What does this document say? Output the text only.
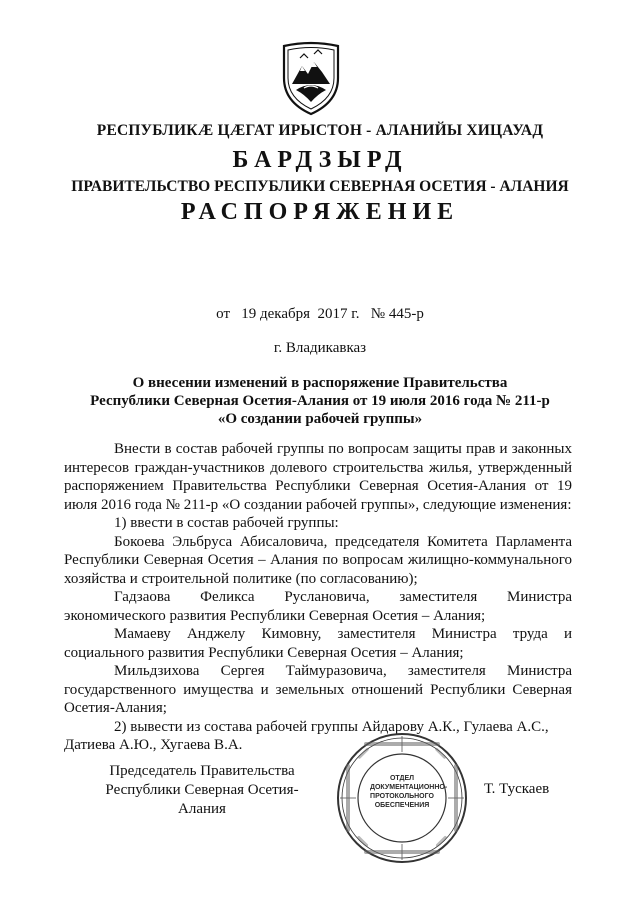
РЕСПУБЛИКӔ ЦӔГАТ ИРЫСТОН - АЛАНИЙЫ ХИЦАУАД
БАРДЗЫРД
ПРАВИТЕЛЬСТВО РЕСПУБЛИКИ СЕВЕРНАЯ ОСЕТИЯ - АЛАНИЯ
РАСПОРЯЖЕНИЕ
от   19 декабря  2017 г.   № 445-р
г. Владикавказ
О внесении изменений в распоряжение Правительства
Республики Северная Осетия-Алания от 19 июля 2016 года № 211-р
«О создании рабочей группы»

Внести в состав рабочей группы по вопросам защиты прав и законных интересов граждан-участников долевого строительства жилья, утвержденный распоряжением Правительства Республики Северная Осетия-Алания от 19 июля 2016 года № 211-р «О создании рабочей группы», следующие изменения:

1) ввести в состав рабочей группы:

Бокоева Эльбруса Абисаловича, председателя Комитета Парламента Республики Северная Осетия – Алания по вопросам жилищно-коммунального хозяйства и строительной политике (по согласованию);

Гадзаова Феликса Руслановича, заместителя Министра экономического развития Республики Северная Осетия – Алания;

Мамаеву Анджелу Кимовну, заместителя Министра труда и социального развития Республики Северная Осетия – Алания;

Мильдзихова Сергея Таймуразовича, заместителя Министра государственного имущества и земельных отношений Республики Северная Осетия-Алания;

2) вывести из состава рабочей группы Айдарову А.К., Гулаева А.С., Датиева А.Ю., Хугаева В.А.

Председатель Правительства
Республики Северная Осетия-Алания
ОТДЕЛ
ДОКУМЕНТАЦИОННО-
ПРОТОКОЛЬНОГО
ОБЕСПЕЧЕНИЯ
Т. Тускаев
